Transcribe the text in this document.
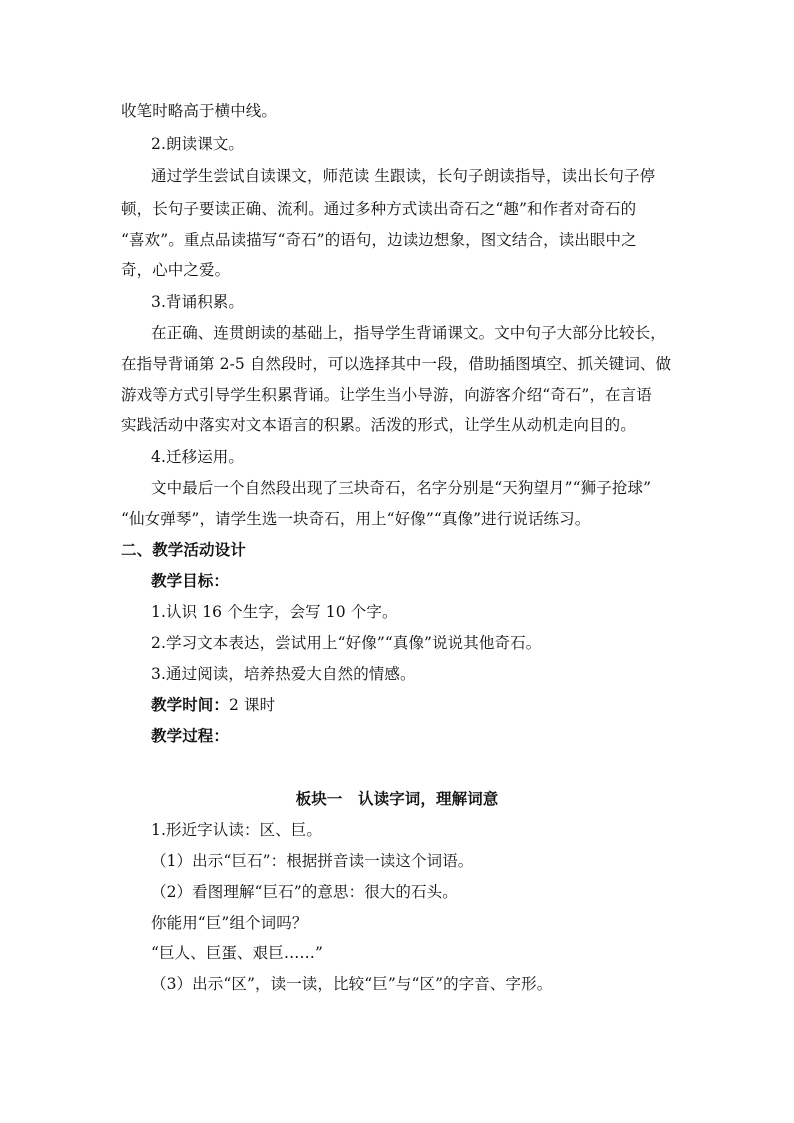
收笔时略高于横中线。
2.朗读课文。
通过学生尝试自读课文，师范读 生跟读，长句子朗读指导，读出长句子停
顿，长句子要读正确、流利。通过多种方式读出奇石之“趣”和作者对奇石的
“喜欢”。重点品读描写“奇石”的语句，边读边想象，图文结合，读出眼中之
奇，心中之爱。
3.背诵积累。
在正确、连贯朗读的基础上，指导学生背诵课文。文中句子大部分比较长，
在指导背诵第 2-5 自然段时，可以选择其中一段，借助插图填空、抓关键词、做
游戏等方式引导学生积累背诵。让学生当小导游，向游客介绍“奇石”，在言语
实践活动中落实对文本语言的积累。活泼的形式，让学生从动机走向目的。
4.迁移运用。
文中最后一个自然段出现了三块奇石，名字分别是“天狗望月”“狮子抢球”
“仙女弹琴”，请学生选一块奇石，用上“好像”“真像”进行说话练习。
二、教学活动设计
教学目标：
1.认识 16 个生字，会写 10 个字。
2.学习文本表达，尝试用上“好像”“真像”说说其他奇石。
3.通过阅读，培养热爱大自然的情感。
教学时间：2 课时
教学过程：
板块一　认读字词，理解词意
1.形近字认读：区、巨。
（1）出示“巨石”：根据拼音读一读这个词语。
（2）看图理解“巨石”的意思：很大的石头。
你能用“巨”组个词吗？
“巨人、巨蛋、艰巨……”
（3）出示“区”，读一读，比较“巨”与“区”的字音、字形。
